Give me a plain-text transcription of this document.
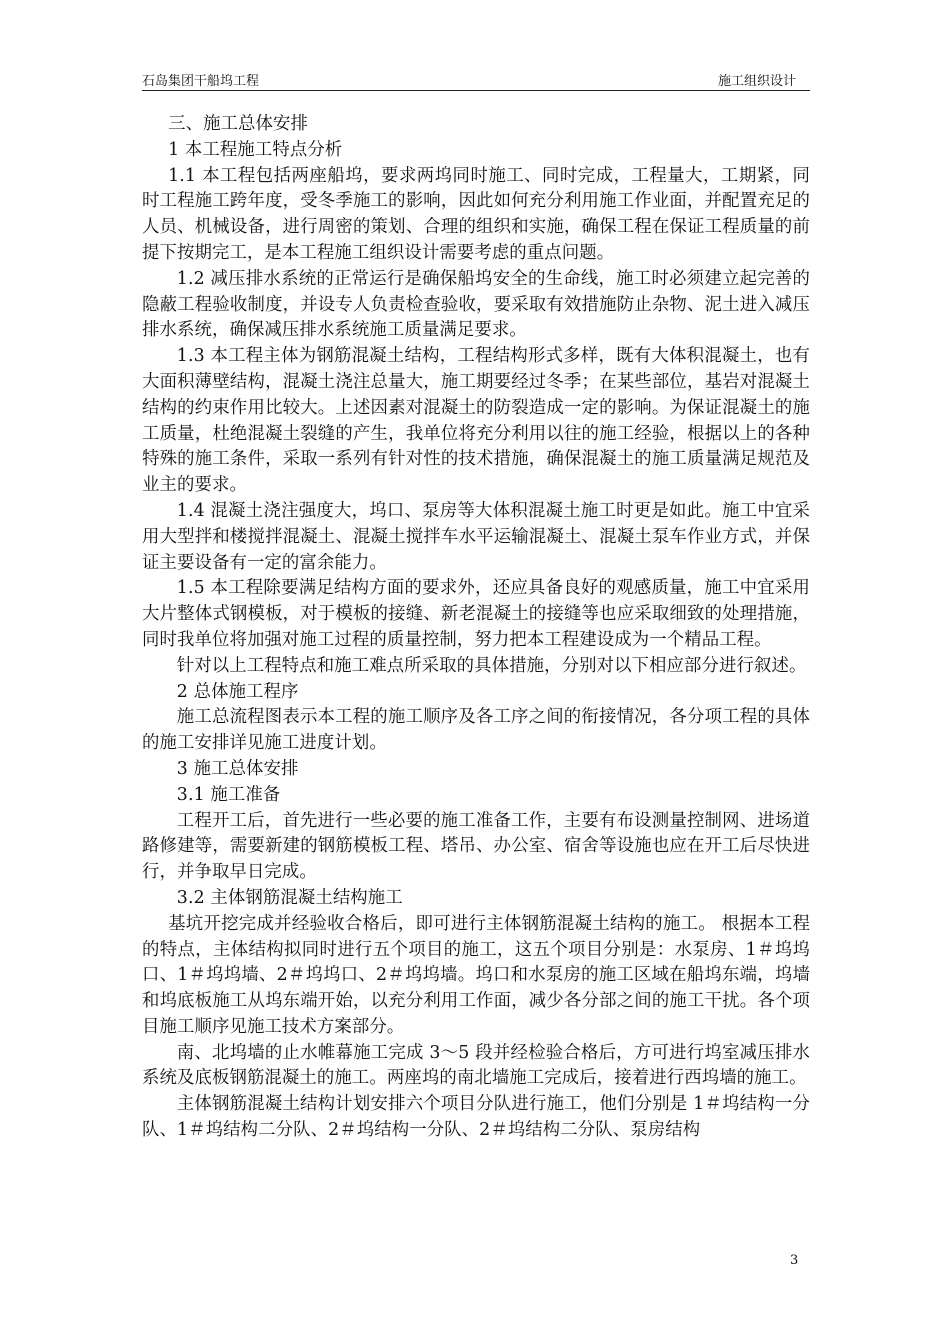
石岛集团干船坞工程	施工组织设计

三、施工总体安排

1 本工程施工特点分析

1.1 本工程包括两座船坞，要求两坞同时施工、同时完成，工程量大，工期紧，同时工程施工跨年度，受冬季施工的影响，因此如何充分利用施工作业面，并配置充足的人员、机械设备，进行周密的策划、合理的组织和实施，确保工程在保证工程质量的前提下按期完工，是本工程施工组织设计需要考虑的重点问题。

1.2 减压排水系统的正常运行是确保船坞安全的生命线，施工时必须建立起完善的隐蔽工程验收制度，并设专人负责检查验收，要采取有效措施防止杂物、泥土进入减压排水系统，确保减压排水系统施工质量满足要求。

1.3 本工程主体为钢筋混凝土结构，工程结构形式多样，既有大体积混凝土，也有大面积薄壁结构，混凝土浇注总量大，施工期要经过冬季；在某些部位，基岩对混凝土结构的约束作用比较大。上述因素对混凝土的防裂造成一定的影响。为保证混凝土的施工质量，杜绝混凝土裂缝的产生，我单位将充分利用以往的施工经验，根据以上的各种特殊的施工条件，采取一系列有针对性的技术措施，确保混凝土的施工质量满足规范及业主的要求。

1.4 混凝土浇注强度大，坞口、泵房等大体积混凝土施工时更是如此。施工中宜采用大型拌和楼搅拌混凝土、混凝土搅拌车水平运输混凝土、混凝土泵车作业方式，并保证主要设备有一定的富余能力。

1.5 本工程除要满足结构方面的要求外，还应具备良好的观感质量，施工中宜采用大片整体式钢模板，对于模板的接缝、新老混凝土的接缝等也应采取细致的处理措施，同时我单位将加强对施工过程的质量控制，努力把本工程建设成为一个精品工程。

针对以上工程特点和施工难点所采取的具体措施，分别对以下相应部分进行叙述。

2 总体施工程序

施工总流程图表示本工程的施工顺序及各工序之间的衔接情况，各分项工程的具体的施工安排详见施工进度计划。

3 施工总体安排

3.1 施工准备

工程开工后，首先进行一些必要的施工准备工作，主要有布设测量控制网、进场道路修建等，需要新建的钢筋模板工程、塔吊、办公室、宿舍等设施也应在开工后尽快进行，并争取早日完成。

3.2 主体钢筋混凝土结构施工

基坑开挖完成并经验收合格后，即可进行主体钢筋混凝土结构的施工。 根据本工程的特点，主体结构拟同时进行五个项目的施工，这五个项目分别是：水泵房、1＃坞坞口、1＃坞坞墙、2＃坞坞口、2＃坞坞墙。坞口和水泵房的施工区域在船坞东端，坞墙和坞底板施工从坞东端开始，以充分利用工作面，减少各分部之间的施工干扰。各个项目施工顺序见施工技术方案部分。

南、北坞墙的止水帷幕施工完成 3～5 段并经检验合格后，方可进行坞室减压排水系统及底板钢筋混凝土的施工。两座坞的南北墙施工完成后，接着进行西坞墙的施工。

主体钢筋混凝土结构计划安排六个项目分队进行施工，他们分别是 1＃坞结构一分队、1＃坞结构二分队、2＃坞结构一分队、2＃坞结构二分队、泵房结构

3
